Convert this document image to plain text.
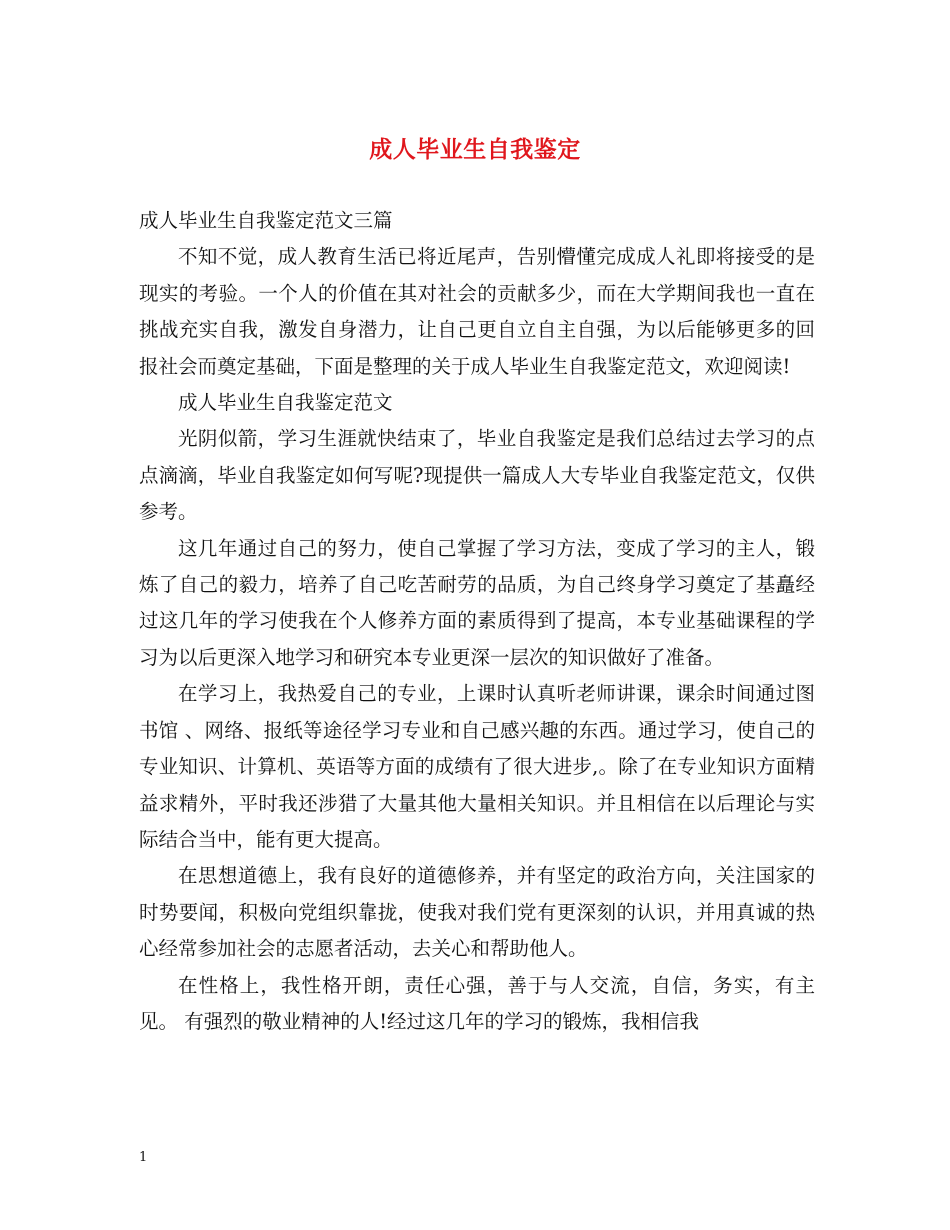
成人毕业生自我鉴定

成人毕业生自我鉴定范文三篇

不知不觉，成人教育生活已将近尾声，告别懵懂完成成人礼即将接受的是现实的考验。一个人的价值在其对社会的贡献多少，而在大学期间我也一直在挑战充实自我，激发自身潜力，让自己更自立自主自强，为以后能够更多的回报社会而奠定基础，下面是整理的关于成人毕业生自我鉴定范文，欢迎阅读!

成人毕业生自我鉴定范文

光阴似箭，学习生涯就快结束了，毕业自我鉴定是我们总结过去学习的点点滴滴，毕业自我鉴定如何写呢?现提供一篇成人大专毕业自我鉴定范文，仅供参考。

这几年通过自己的努力，使自己掌握了学习方法，变成了学习的主人，锻炼了自己的毅力，培养了自己吃苦耐劳的品质，为自己终身学习奠定了基矗经过这几年的学习使我在个人修养方面的素质得到了提高，本专业基础课程的学习为以后更深入地学习和研究本专业更深一层次的知识做好了准备。

在学习上，我热爱自己的专业，上课时认真听老师讲课，课余时间通过图书馆 、网络、报纸等途径学习专业和自己感兴趣的东西。通过学习，使自己的专业知识、计算机、英语等方面的成绩有了很大进步,。除了在专业知识方面精益求精外，平时我还涉猎了大量其他大量相关知识。并且相信在以后理论与实际结合当中，能有更大提高。

在思想道德上，我有良好的道德修养，并有坚定的政治方向，关注国家的时势要闻，积极向党组织靠拢，使我对我们党有更深刻的认识，并用真诚的热心经常参加社会的志愿者活动，去关心和帮助他人。

在性格上，我性格开朗，责任心强，善于与人交流，自信，务实，有主见。 有强烈的敬业精神的人!经过这几年的学习的锻炼，我相信我

1
